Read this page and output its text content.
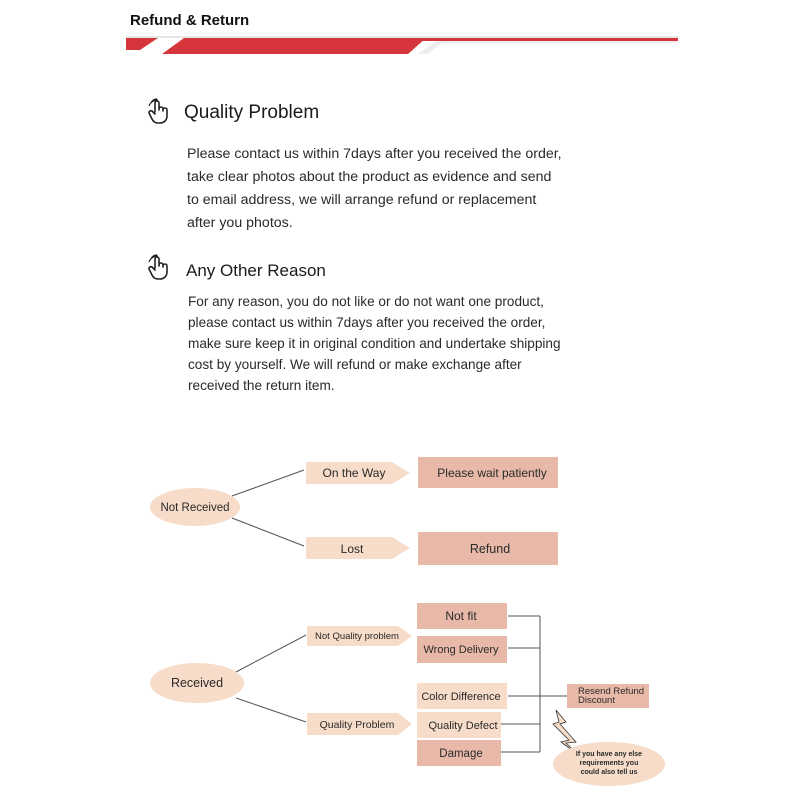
Refund & Return
Quality Problem
Please contact us within 7days after you received the order,
take clear photos about the product as evidence and send
to email address, we will arrange refund or replacement
after you photos.
Any Other Reason
For any reason, you do not like or do not want one product,
please contact us within 7days after you received the order,
make sure keep it in original condition and undertake shipping
cost by yourself. We will refund or make exchange after
received the return item.
Not Received
On the Way	Please wait patiently
Lost	Refund
Received
Not Quality problem
Quality Problem
Not fit
Wrong Delivery
Color Difference
Quality Defect
Damage
Resend Refund
Discount
If you have any else
requirements you
could also tell us
